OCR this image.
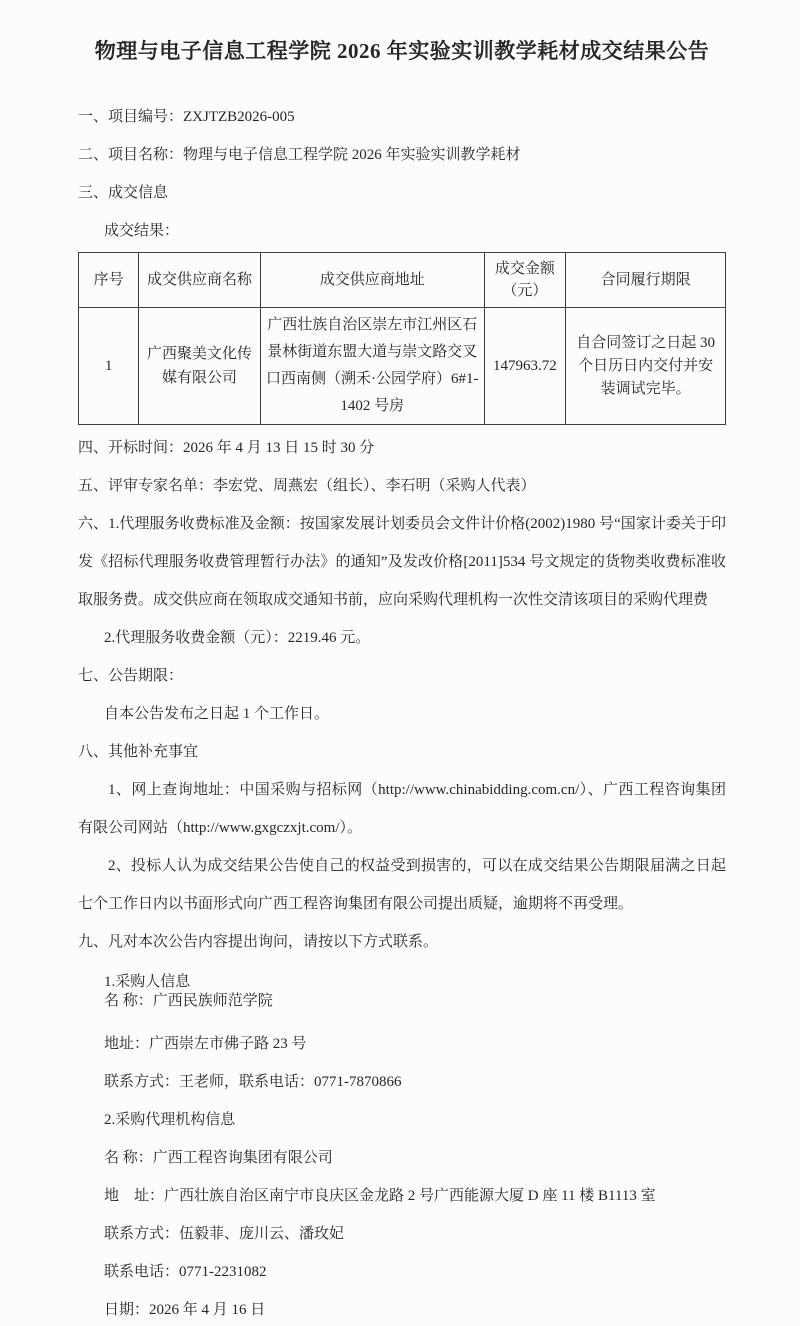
物理与电子信息工程学院 2026 年实验实训教学耗材成交结果公告

一、项目编号：ZXJTZB2026-005

二、项目名称：物理与电子信息工程学院 2026 年实验实训教学耗材

三、成交信息

成交结果：

序号	成交供应商名称	成交供应商地址	成交金额（元）	合同履行期限
1	广西聚美文化传媒有限公司	广西壮族自治区崇左市江州区石景林街道东盟大道与崇文路交叉口西南侧（溯禾·公园学府）6#1-1402 号房	147963.72	自合同签订之日起 30 个日历日内交付并安装调试完毕。

四、开标时间：2026 年 4 月 13 日 15 时 30 分

五、评审专家名单：李宏党、周燕宏（组长）、李石明（采购人代表）

六、1.代理服务收费标准及金额：按国家发展计划委员会文件计价格(2002)1980 号“国家计委关于印发《招标代理服务收费管理暂行办法》的通知”及发改价格[2011]534 号文规定的货物类收费标准收取服务费。成交供应商在领取成交通知书前，应向采购代理机构一次性交清该项目的采购代理费

2.代理服务收费金额（元）：2219.46 元。

七、公告期限：

自本公告发布之日起 1 个工作日。

八、其他补充事宜

1、网上查询地址：中国采购与招标网（http://www.chinabidding.com.cn/）、广西工程咨询集团有限公司网站（http://www.gxgczxjt.com/）。

2、投标人认为成交结果公告使自己的权益受到损害的，可以在成交结果公告期限届满之日起七个工作日内以书面形式向广西工程咨询集团有限公司提出质疑，逾期将不再受理。

九、凡对本次公告内容提出询问，请按以下方式联系。

1.采购人信息

名 称：广西民族师范学院

地址：广西崇左市佛子路 23 号

联系方式：王老师，联系电话：0771-7870866

2.采购代理机构信息

名 称：广西工程咨询集团有限公司

地　址：广西壮族自治区南宁市良庆区金龙路 2 号广西能源大厦 D 座 11 楼 B1113 室

联系方式：伍毅菲、庞川云、潘玫妃

联系电话：0771-2231082

日期：2026 年 4 月 16 日
